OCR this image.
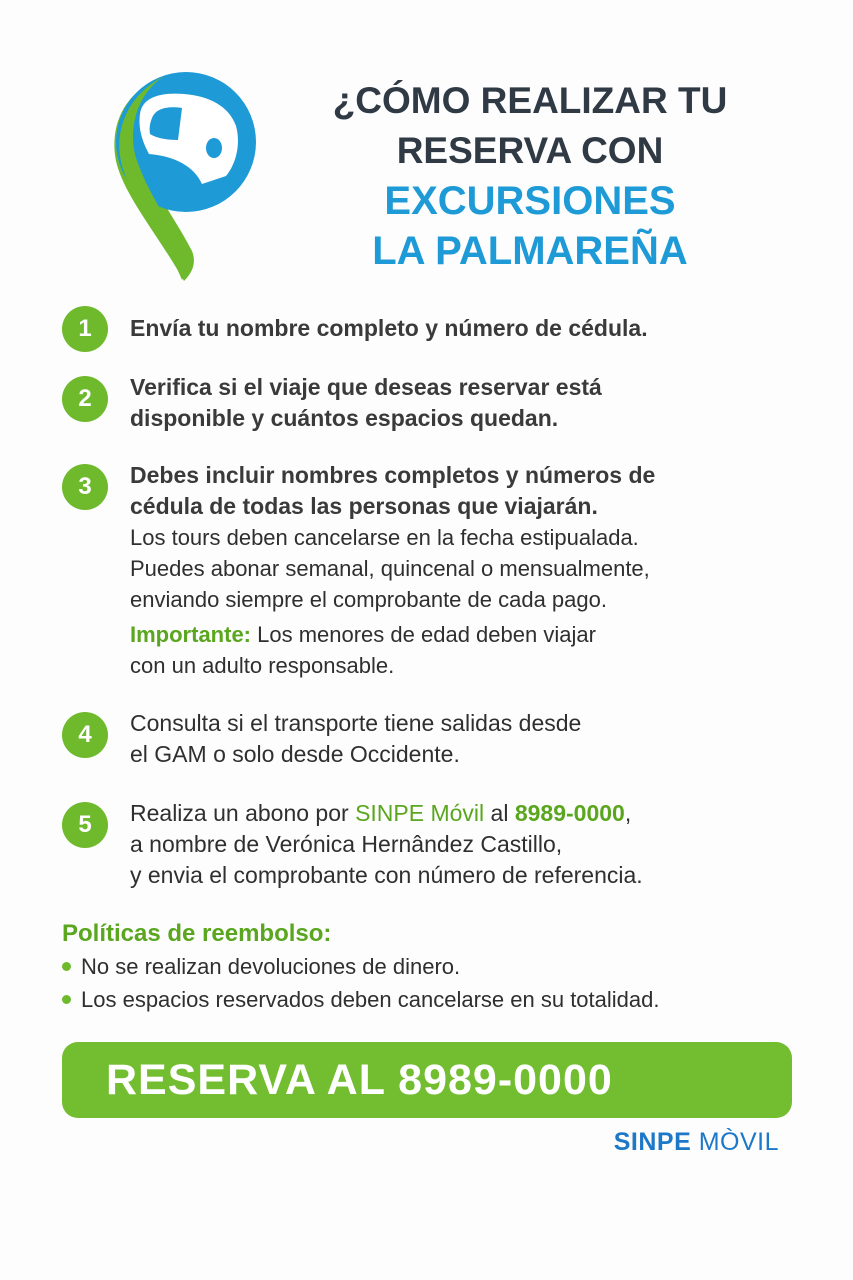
¿CÓMO REALIZAR TU
RESERVA CON
EXCURSIONES
LA PALMAREÑA
1	Envía tu nombre completo y número de cédula.
2	Verifica si el viaje que deseas reservar está
disponible y cuántos espacios quedan.
3	Debes incluir nombres completos y números de
cédula de todas las personas que viajarán.
Los tours deben cancelarse en la fecha estipualada.
Puedes abonar semanal, quincenal o mensualmente,
enviando siempre el comprobante de cada pago.
Importante: Los menores de edad deben viajar
con un adulto responsable.
4	Consulta si el transporte tiene salidas desde
el GAM o solo desde Occidente.
5	Realiza un abono por SINPE Móvil al 8989-0000,
a nombre de Verónica Hernândez Castillo,
y envia el comprobante con número de referencia.
Políticas de reembolso:
No se realizan devoluciones de dinero.
Los espacios reservados deben cancelarse en su totalidad.
RESERVA AL 8989-0000
SINPE MÒVIL
